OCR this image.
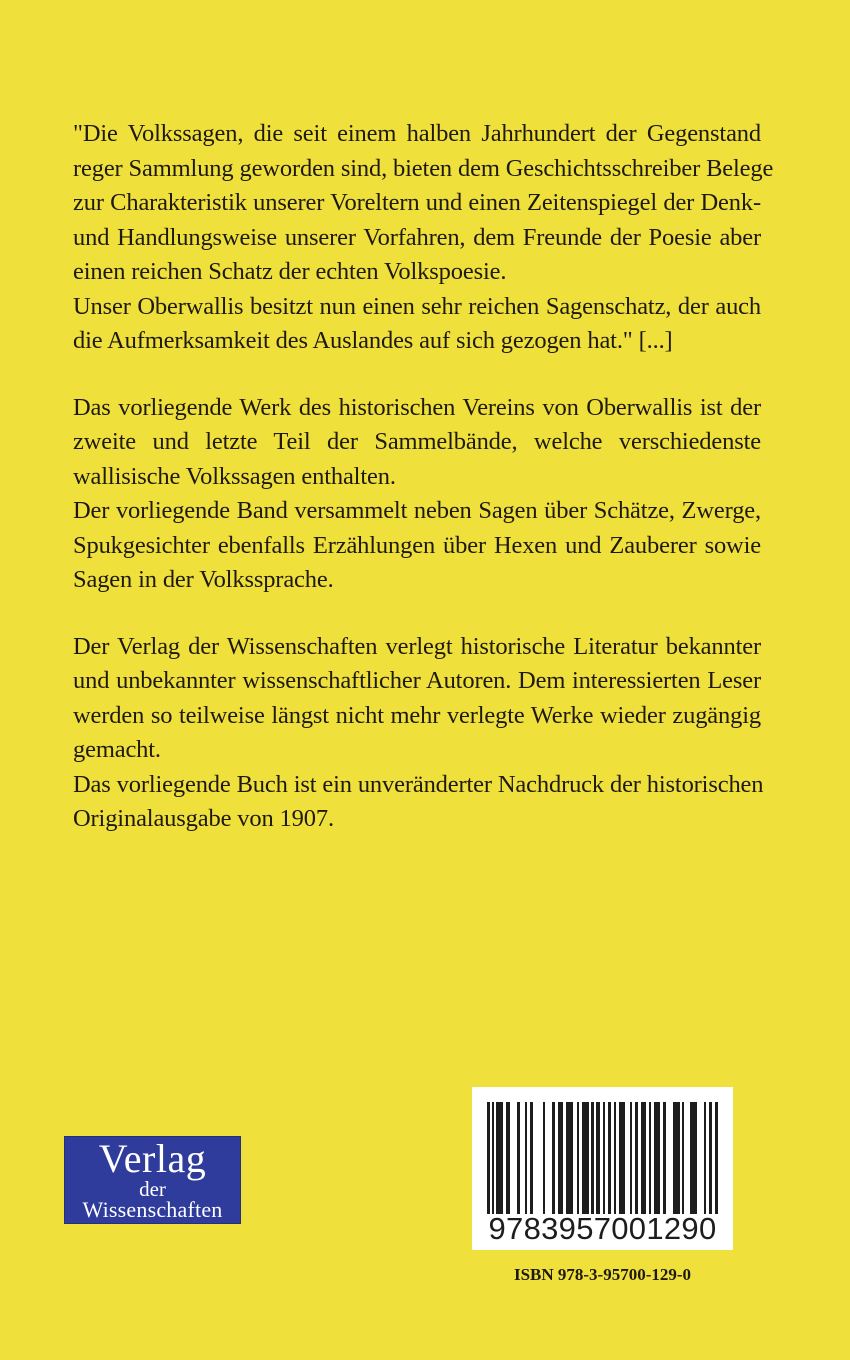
"Die Volkssagen, die seit einem halben Jahrhundert der Gegenstand
reger Sammlung geworden sind, bieten dem Geschichtsschreiber Belege
zur Charakteristik unserer Voreltern und einen Zeitenspiegel der Denk-
und Handlungsweise unserer Vorfahren, dem Freunde der Poesie aber
einen reichen Schatz der echten Volkspoesie.
Unser Oberwallis besitzt nun einen sehr reichen Sagenschatz, der auch
die Aufmerksamkeit des Auslandes auf sich gezogen hat." [...]
Das vorliegende Werk des historischen Vereins von Oberwallis ist der
zweite und letzte Teil der Sammelbände, welche verschiedenste
wallisische Volkssagen enthalten.
Der vorliegende Band versammelt neben Sagen über Schätze, Zwerge,
Spukgesichter ebenfalls Erzählungen über Hexen und Zauberer sowie
Sagen in der Volkssprache.
Der Verlag der Wissenschaften verlegt historische Literatur bekannter
und unbekannter wissenschaftlicher Autoren. Dem interessierten Leser
werden so teilweise längst nicht mehr verlegte Werke wieder zugängig
gemacht.
Das vorliegende Buch ist ein unveränderter Nachdruck der historischen
Originalausgabe von 1907.
Verlag
der
Wissenschaften
9783957001290
ISBN 978-3-95700-129-0
